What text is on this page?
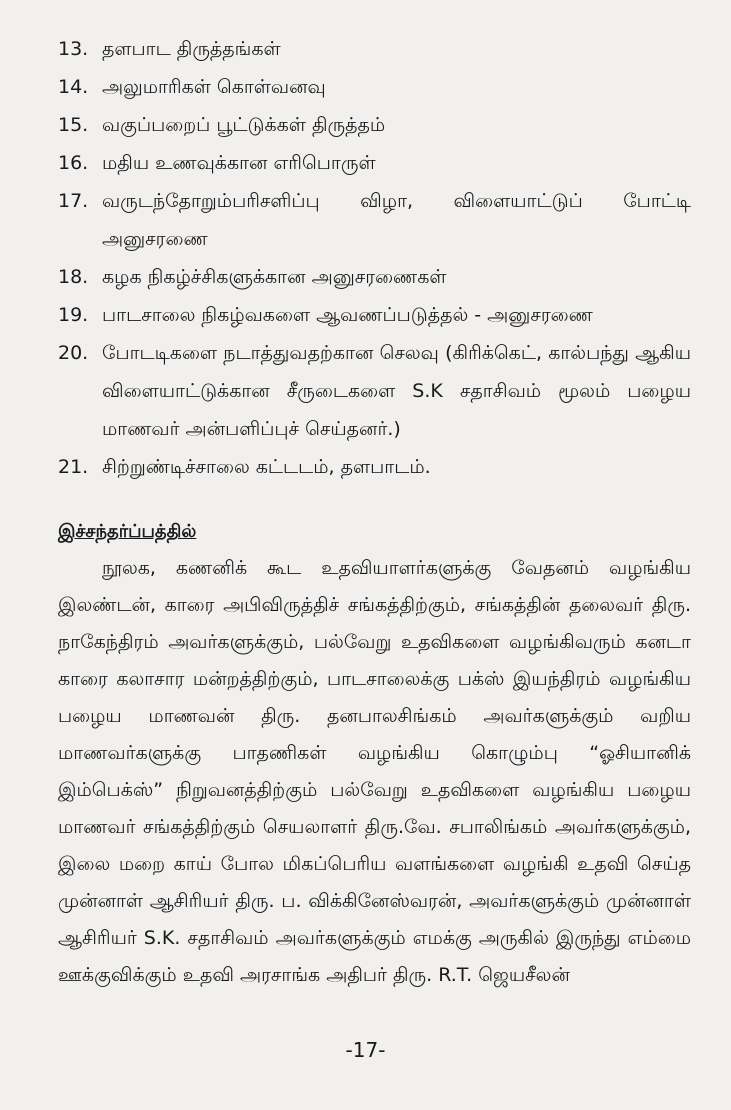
13. தளபாட திருத்தங்கள்
14. அலுமாரிகள் கொள்வனவு
15. வகுப்பறைப் பூட்டுக்கள் திருத்தம்
16. மதிய உணவுக்கான எரிபொருள்
17. வருடந்தோறும்பரிசளிப்பு விழா, விளையாட்டுப் போட்டி அனுசரணை
18. கழக நிகழ்ச்சிகளுக்கான அனுசரணைகள்
19. பாடசாலை நிகழ்வகளை ஆவணப்படுத்தல் - அனுசரணை
20. போடடிகளை நடாத்துவதற்கான செலவு (கிரிக்கெட், கால்பந்து ஆகிய விளையாட்டுக்கான சீருடைகளை S.K சதாசிவம் மூலம் பழைய மாணவர் அன்பளிப்புச் செய்தனர்.)
21. சிற்றுண்டிச்சாலை கட்டடம், தளபாடம்.
இச்சந்தர்ப்பத்தில்
நூலக, கணனிக் கூட உதவியாளர்களுக்கு வேதனம் வழங்கிய இலண்டன், காரை அபிவிருத்திச் சங்கத்திற்கும், சங்கத்தின் தலைவர் திரு. நாகேந்திரம் அவர்களுக்கும், பல்வேறு உதவிகளை வழங்கிவரும் கனடா காரை கலாசார மன்றத்திற்கும், பாடசாலைக்கு பக்ஸ் இயந்திரம் வழங்கிய பழைய மாணவன் திரு. தனபாலசிங்கம் அவர்களுக்கும் வறிய மாணவர்களுக்கு பாதணிகள் வழங்கிய கொழும்பு “ஓசியானிக் இம்பெக்ஸ்” நிறுவனத்திற்கும் பல்வேறு உதவிகளை வழங்கிய பழைய மாணவர் சங்கத்திற்கும் செயலாளர் திரு.வே. சபாலிங்கம் அவர்களுக்கும், இலை மறை காய் போல மிகப்பெரிய வளங்களை வழங்கி உதவி செய்த முன்னாள் ஆசிரியர் திரு. ப. விக்கினேஸ்வரன், அவர்களுக்கும் முன்னாள் ஆசிரியர் S.K. சதாசிவம் அவர்களுக்கும் எமக்கு அருகில் இருந்து எம்மை ஊக்குவிக்கும் உதவி அரசாங்க அதிபர் திரு. R.T. ஜெயசீலன்
-17-
